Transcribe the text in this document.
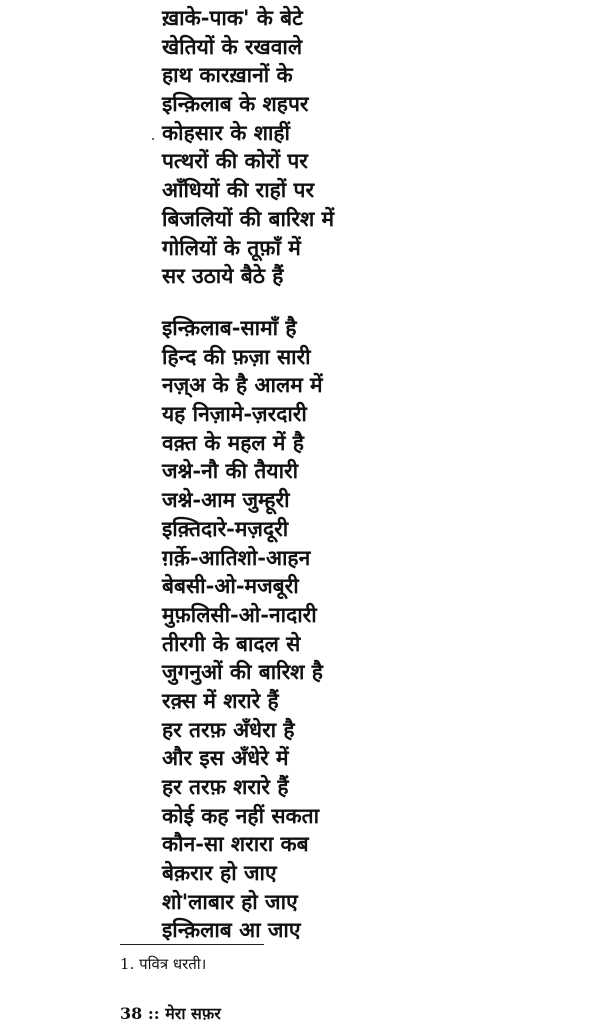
ख़ाके-पाक' के बेटे
खेतियों के रखवाले
हाथ कारख़ानों के
इन्क़िलाब के शहपर
कोहसार के शाहीं
पत्थरों की कोरों पर
आँधियों की राहों पर
बिजलियों की बारिश में
गोलियों के तूफ़ाँ में
सर उठाये बैठे हैं
इन्क़िलाब-सामाँ है
हिन्द की फ़ज़ा सारी
नज़्अ के है आलम में
यह निज़ामे-ज़रदारी
वक़्त के महल में है
जश्ने-नौ की तैयारी
जश्ने-आम जुम्हूरी
इक़्तिदारे-मज़दूरी
ग़र्क़े-आतिशो-आहन
बेबसी-ओ-मजबूरी
मुफ़लिसी-ओ-नादारी
तीरगी के बादल से
जुगनुओं की बारिश है
रक़्स में शरारे हैं
हर तरफ़ अँधेरा है
और इस अँधेरे में
हर तरफ़ शरारे हैं
कोई कह नहीं सकता
कौन-सा शरारा कब
बेक़रार हो जाए
शो'लाबार हो जाए
इन्क़िलाब आ जाए
1. पवित्र धरती।
38 :: मेरा सफ़र
